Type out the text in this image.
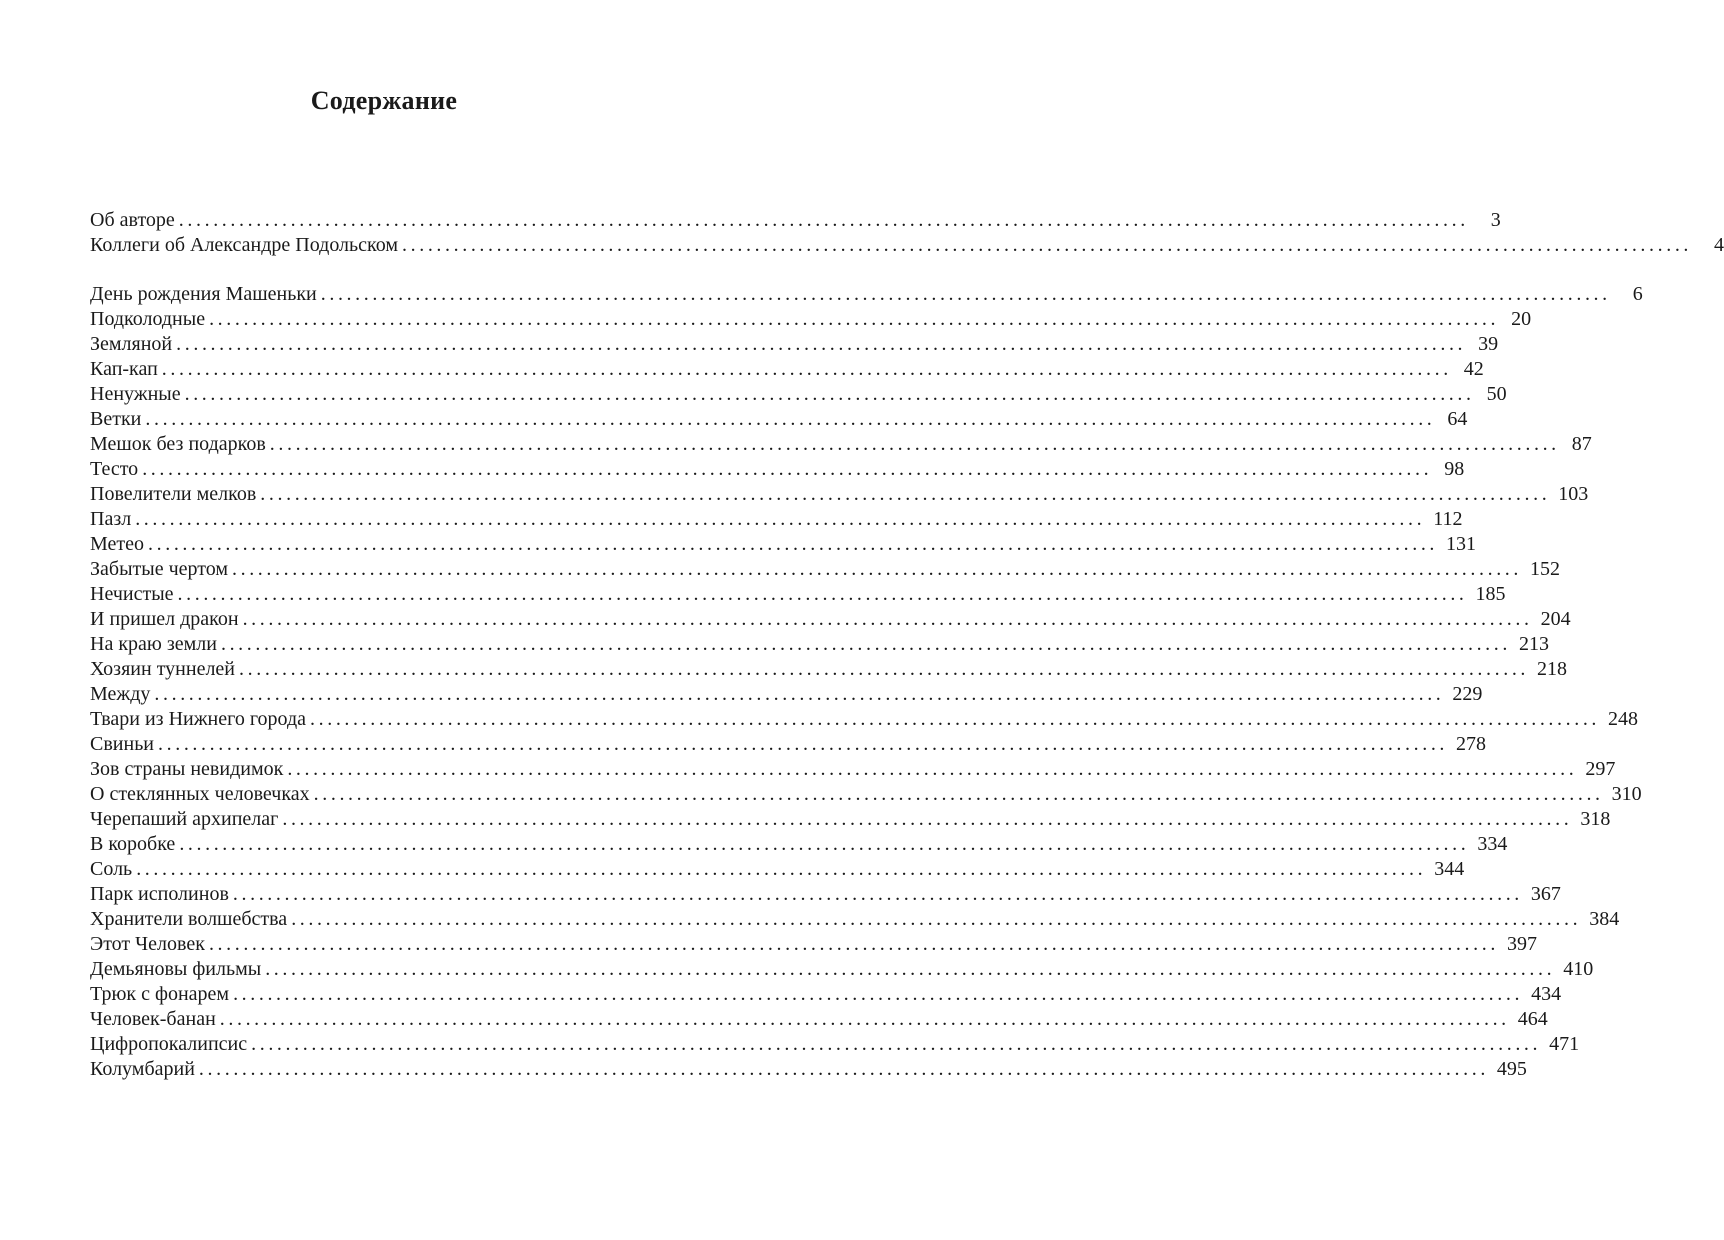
Содержание
Об авторе ......................................................................................................................................................	3
Коллеги об Александре Подольском ......................................................................................................................................................	4
День рождения Машеньки ......................................................................................................................................................	6
Подколодные ...................................................................................................................................................... 20
Земляной ...................................................................................................................................................... 39
Кап-кап ...................................................................................................................................................... 42
Ненужные ...................................................................................................................................................... 50
Ветки ...................................................................................................................................................... 64
Мешок без подарков ...................................................................................................................................................... 87
Тесто ...................................................................................................................................................... 98
Повелители мелков ...................................................................................................................................................... 103
Пазл ...................................................................................................................................................... 112
Метео ...................................................................................................................................................... 131
Забытые чертом ...................................................................................................................................................... 152
Нечистые ...................................................................................................................................................... 185
И пришел дракон ...................................................................................................................................................... 204
На краю земли ...................................................................................................................................................... 213
Хозяин туннелей ...................................................................................................................................................... 218
Между ...................................................................................................................................................... 229
Твари из Нижнего города ...................................................................................................................................................... 248
Свиньи ...................................................................................................................................................... 278
Зов страны невидимок ...................................................................................................................................................... 297
О стеклянных человечках ...................................................................................................................................................... 310
Черепаший архипелаг ...................................................................................................................................................... 318
В коробке ...................................................................................................................................................... 334
Соль ...................................................................................................................................................... 344
Парк исполинов ...................................................................................................................................................... 367
Хранители волшебства ...................................................................................................................................................... 384
Этот Человек ...................................................................................................................................................... 397
Демьяновы фильмы ...................................................................................................................................................... 410
Трюк с фонарем ...................................................................................................................................................... 434
Человек-банан ...................................................................................................................................................... 464
Цифропокалипсис ...................................................................................................................................................... 471
Колумбарий ...................................................................................................................................................... 495
